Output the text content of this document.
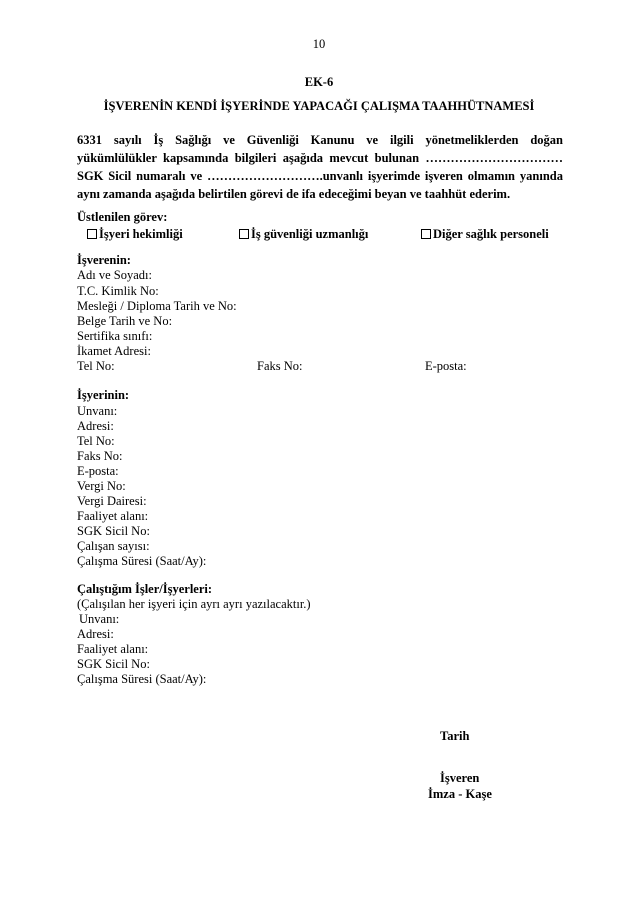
10
EK-6
İŞVERENİN KENDİ İŞYERİNDE YAPACAĞI ÇALIŞMA TAAHHÜTNAMESİ
6331 sayılı İş Sağlığı ve Güvenliği Kanunu ve ilgili yönetmeliklerden doğan
yükümlülükler kapsamında bilgileri aşağıda mevcut bulunan ……………………………
SGK Sicil numaralı ve ……………………….unvanlı işyerimde işveren olmamın yanında
aynı zamanda aşağıda belirtilen görevi de ifa edeceğimi beyan ve taahhüt ederim.
Üstlenilen görev:
İşyeri hekimliği	İş güvenliği uzmanlığı	Diğer sağlık personeli
İşverenin:
Adı ve Soyadı:
T.C. Kimlik No:
Mesleği / Diploma Tarih ve No:
Belge Tarih ve No:
Sertifika sınıfı:
İkamet Adresi:
Tel No:	Faks No:	E-posta:
İşyerinin:
Unvanı:
Adresi:
Tel No:
Faks No:
E-posta:
Vergi No:
Vergi Dairesi:
Faaliyet alanı:
SGK Sicil No:
Çalışan sayısı:
Çalışma Süresi (Saat/Ay):
Çalıştığım İşler/İşyerleri:
(Çalışılan her işyeri için ayrı ayrı yazılacaktır.)
Unvanı:
Adresi:
Faaliyet alanı:
SGK Sicil No:
Çalışma Süresi (Saat/Ay):
Tarih
İşveren
İmza - Kaşe
